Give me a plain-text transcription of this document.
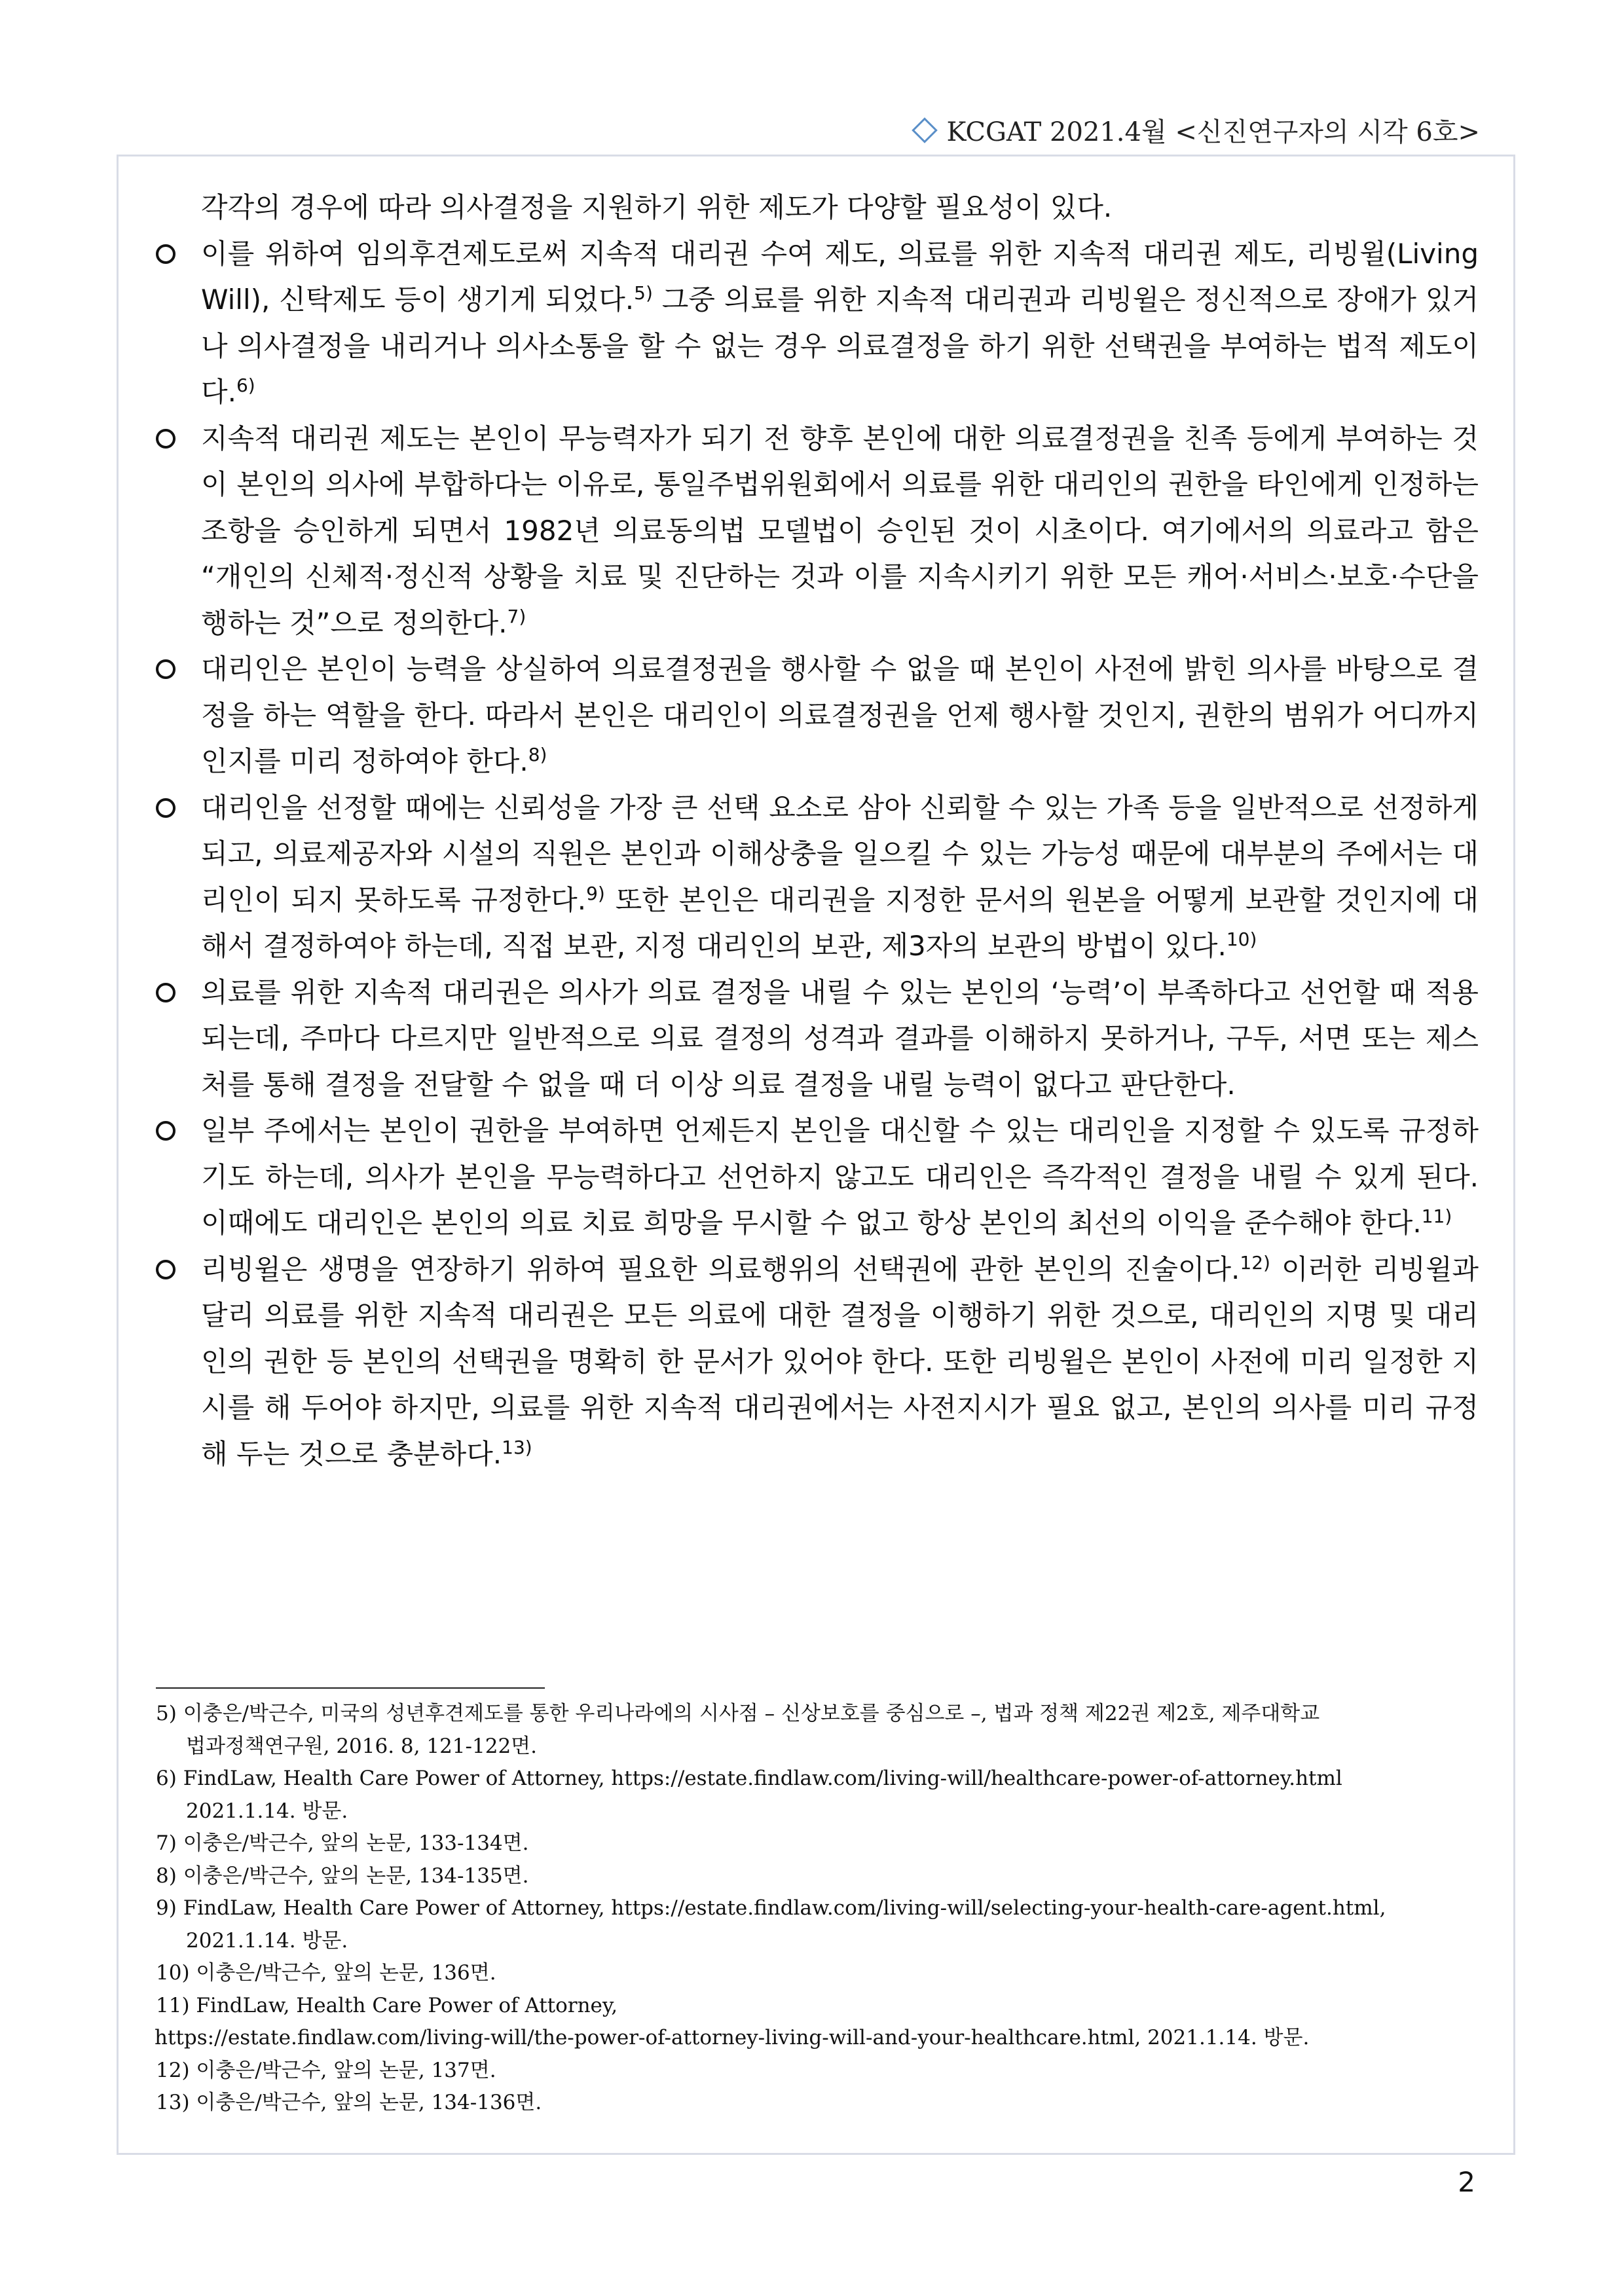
KCGAT 2021.4월 <신진연구자의 시각 6호>
각각의 경우에 따라 의사결정을 지원하기 위한 제도가 다양할 필요성이 있다.
이를 위하여 임의후견제도로써 지속적 대리권 수여 제도, 의료를 위한 지속적 대리권 제도, 리빙윌(Living Will), 신탁제도 등이 생기게 되었다.$^{5)}$ 그중 의료를 위한 지속적 대리권과 리빙윌은 정신적으로 장애가 있거나 의사결정을 내리거나 의사소통을 할 수 없는 경우 의료결정을 하기 위한 선택권을 부여하는 법적 제도이다.$^{6)}$
지속적 대리권 제도는 본인이 무능력자가 되기 전 향후 본인에 대한 의료결정권을 친족 등에게 부여하는 것이 본인의 의사에 부합하다는 이유로, 통일주법위원회에서 의료를 위한 대리인의 권한을 타인에게 인정하는 조항을 승인하게 되면서 1982년 의료동의법 모델법이 승인된 것이 시초이다. 여기에서의 의료라고 함은 “개인의 신체적·정신적 상황을 치료 및 진단하는 것과 이를 지속시키기 위한 모든 캐어·서비스·보호·수단을 행하는 것”으로 정의한다.$^{7)}$
대리인은 본인이 능력을 상실하여 의료결정권을 행사할 수 없을 때 본인이 사전에 밝힌 의사를 바탕으로 결정을 하는 역할을 한다. 따라서 본인은 대리인이 의료결정권을 언제 행사할 것인지, 권한의 범위가 어디까지 인지를 미리 정하여야 한다.$^{8)}$
대리인을 선정할 때에는 신뢰성을 가장 큰 선택 요소로 삼아 신뢰할 수 있는 가족 등을 일반적으로 선정하게 되고, 의료제공자와 시설의 직원은 본인과 이해상충을 일으킬 수 있는 가능성 때문에 대부분의 주에서는 대리인이 되지 못하도록 규정한다.$^{9)}$ 또한 본인은 대리권을 지정한 문서의 원본을 어떻게 보관할 것인지에 대해서 결정하여야 하는데, 직접 보관, 지정 대리인의 보관, 제3자의 보관의 방법이 있다.$^{10)}$
의료를 위한 지속적 대리권은 의사가 의료 결정을 내릴 수 있는 본인의 ‘능력’이 부족하다고 선언할 때 적용되는데, 주마다 다르지만 일반적으로 의료 결정의 성격과 결과를 이해하지 못하거나, 구두, 서면 또는 제스처를 통해 결정을 전달할 수 없을 때 더 이상 의료 결정을 내릴 능력이 없다고 판단한다.
일부 주에서는 본인이 권한을 부여하면 언제든지 본인을 대신할 수 있는 대리인을 지정할 수 있도록 규정하기도 하는데, 의사가 본인을 무능력하다고 선언하지 않고도 대리인은 즉각적인 결정을 내릴 수 있게 된다. 이때에도 대리인은 본인의 의료 치료 희망을 무시할 수 없고 항상 본인의 최선의 이익을 준수해야 한다.$^{11)}$
리빙윌은 생명을 연장하기 위하여 필요한 의료행위의 선택권에 관한 본인의 진술이다.$^{12)}$ 이러한 리빙윌과 달리 의료를 위한 지속적 대리권은 모든 의료에 대한 결정을 이행하기 위한 것으로, 대리인의 지명 및 대리인의 권한 등 본인의 선택권을 명확히 한 문서가 있어야 한다. 또한 리빙윌은 본인이 사전에 미리 일정한 지시를 해 두어야 하지만, 의료를 위한 지속적 대리권에서는 사전지시가 필요 없고, 본인의 의사를 미리 규정해 두는 것으로 충분하다.$^{13)}$
5) 이충은/박근수, 미국의 성년후견제도를 통한 우리나라에의 시사점 – 신상보호를 중심으로 –, 법과 정책 제22권 제2호, 제주대학교
법과정책연구원, 2016. 8, 121-122면.
6) FindLaw, Health Care Power of Attorney, https://estate.findlaw.com/living-will/healthcare-power-of-attorney.html
2021.1.14. 방문.
7) 이충은/박근수, 앞의 논문, 133-134면.
8) 이충은/박근수, 앞의 논문, 134-135면.
9) FindLaw, Health Care Power of Attorney, https://estate.findlaw.com/living-will/selecting-your-health-care-agent.html,
2021.1.14. 방문.
10) 이충은/박근수, 앞의 논문, 136면.
11) FindLaw, Health Care Power of Attorney,
https://estate.findlaw.com/living-will/the-power-of-attorney-living-will-and-your-healthcare.html, 2021.1.14. 방문.
12) 이충은/박근수, 앞의 논문, 137면.
13) 이충은/박근수, 앞의 논문, 134-136면.
2
